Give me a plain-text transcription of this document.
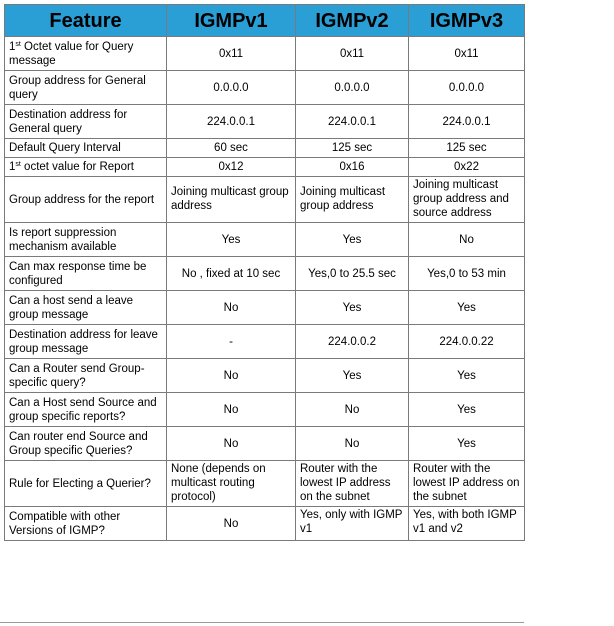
Feature	IGMPv1	IGMPv2	IGMPv3
1st Octet value for Query message	0x11	0x11	0x11
Group address for General query	0.0.0.0	0.0.0.0	0.0.0.0
Destination address for General query	224.0.0.1	224.0.0.1	224.0.0.1
Default Query Interval	60 sec	125 sec	125 sec
1st octet value for Report	0x12	0x16	0x22
Group address for the report	Joining multicast group address	Joining multicast group address	Joining multicast group address and source address
Is report suppression mechanism available	Yes	Yes	No
Can max response time be configured	No , fixed at 10 sec	Yes,0 to 25.5 sec	Yes,0 to 53 min
Can a host send a leave group message	No	Yes	Yes
Destination address for leave group message	-	224.0.0.2	224.0.0.22
Can a Router send Group-specific query?	No	Yes	Yes
Can a Host send Source and group specific reports?	No	No	Yes
Can router end Source and Group specific Queries?	No	No	Yes
Rule for Electing a Querier?	None (depends on multicast routing protocol)	Router with the lowest IP address on the subnet	Router with the lowest IP address on the subnet
Compatible with other Versions of IGMP?	No	Yes, only with IGMP v1	Yes, with both IGMP v1 and v2
